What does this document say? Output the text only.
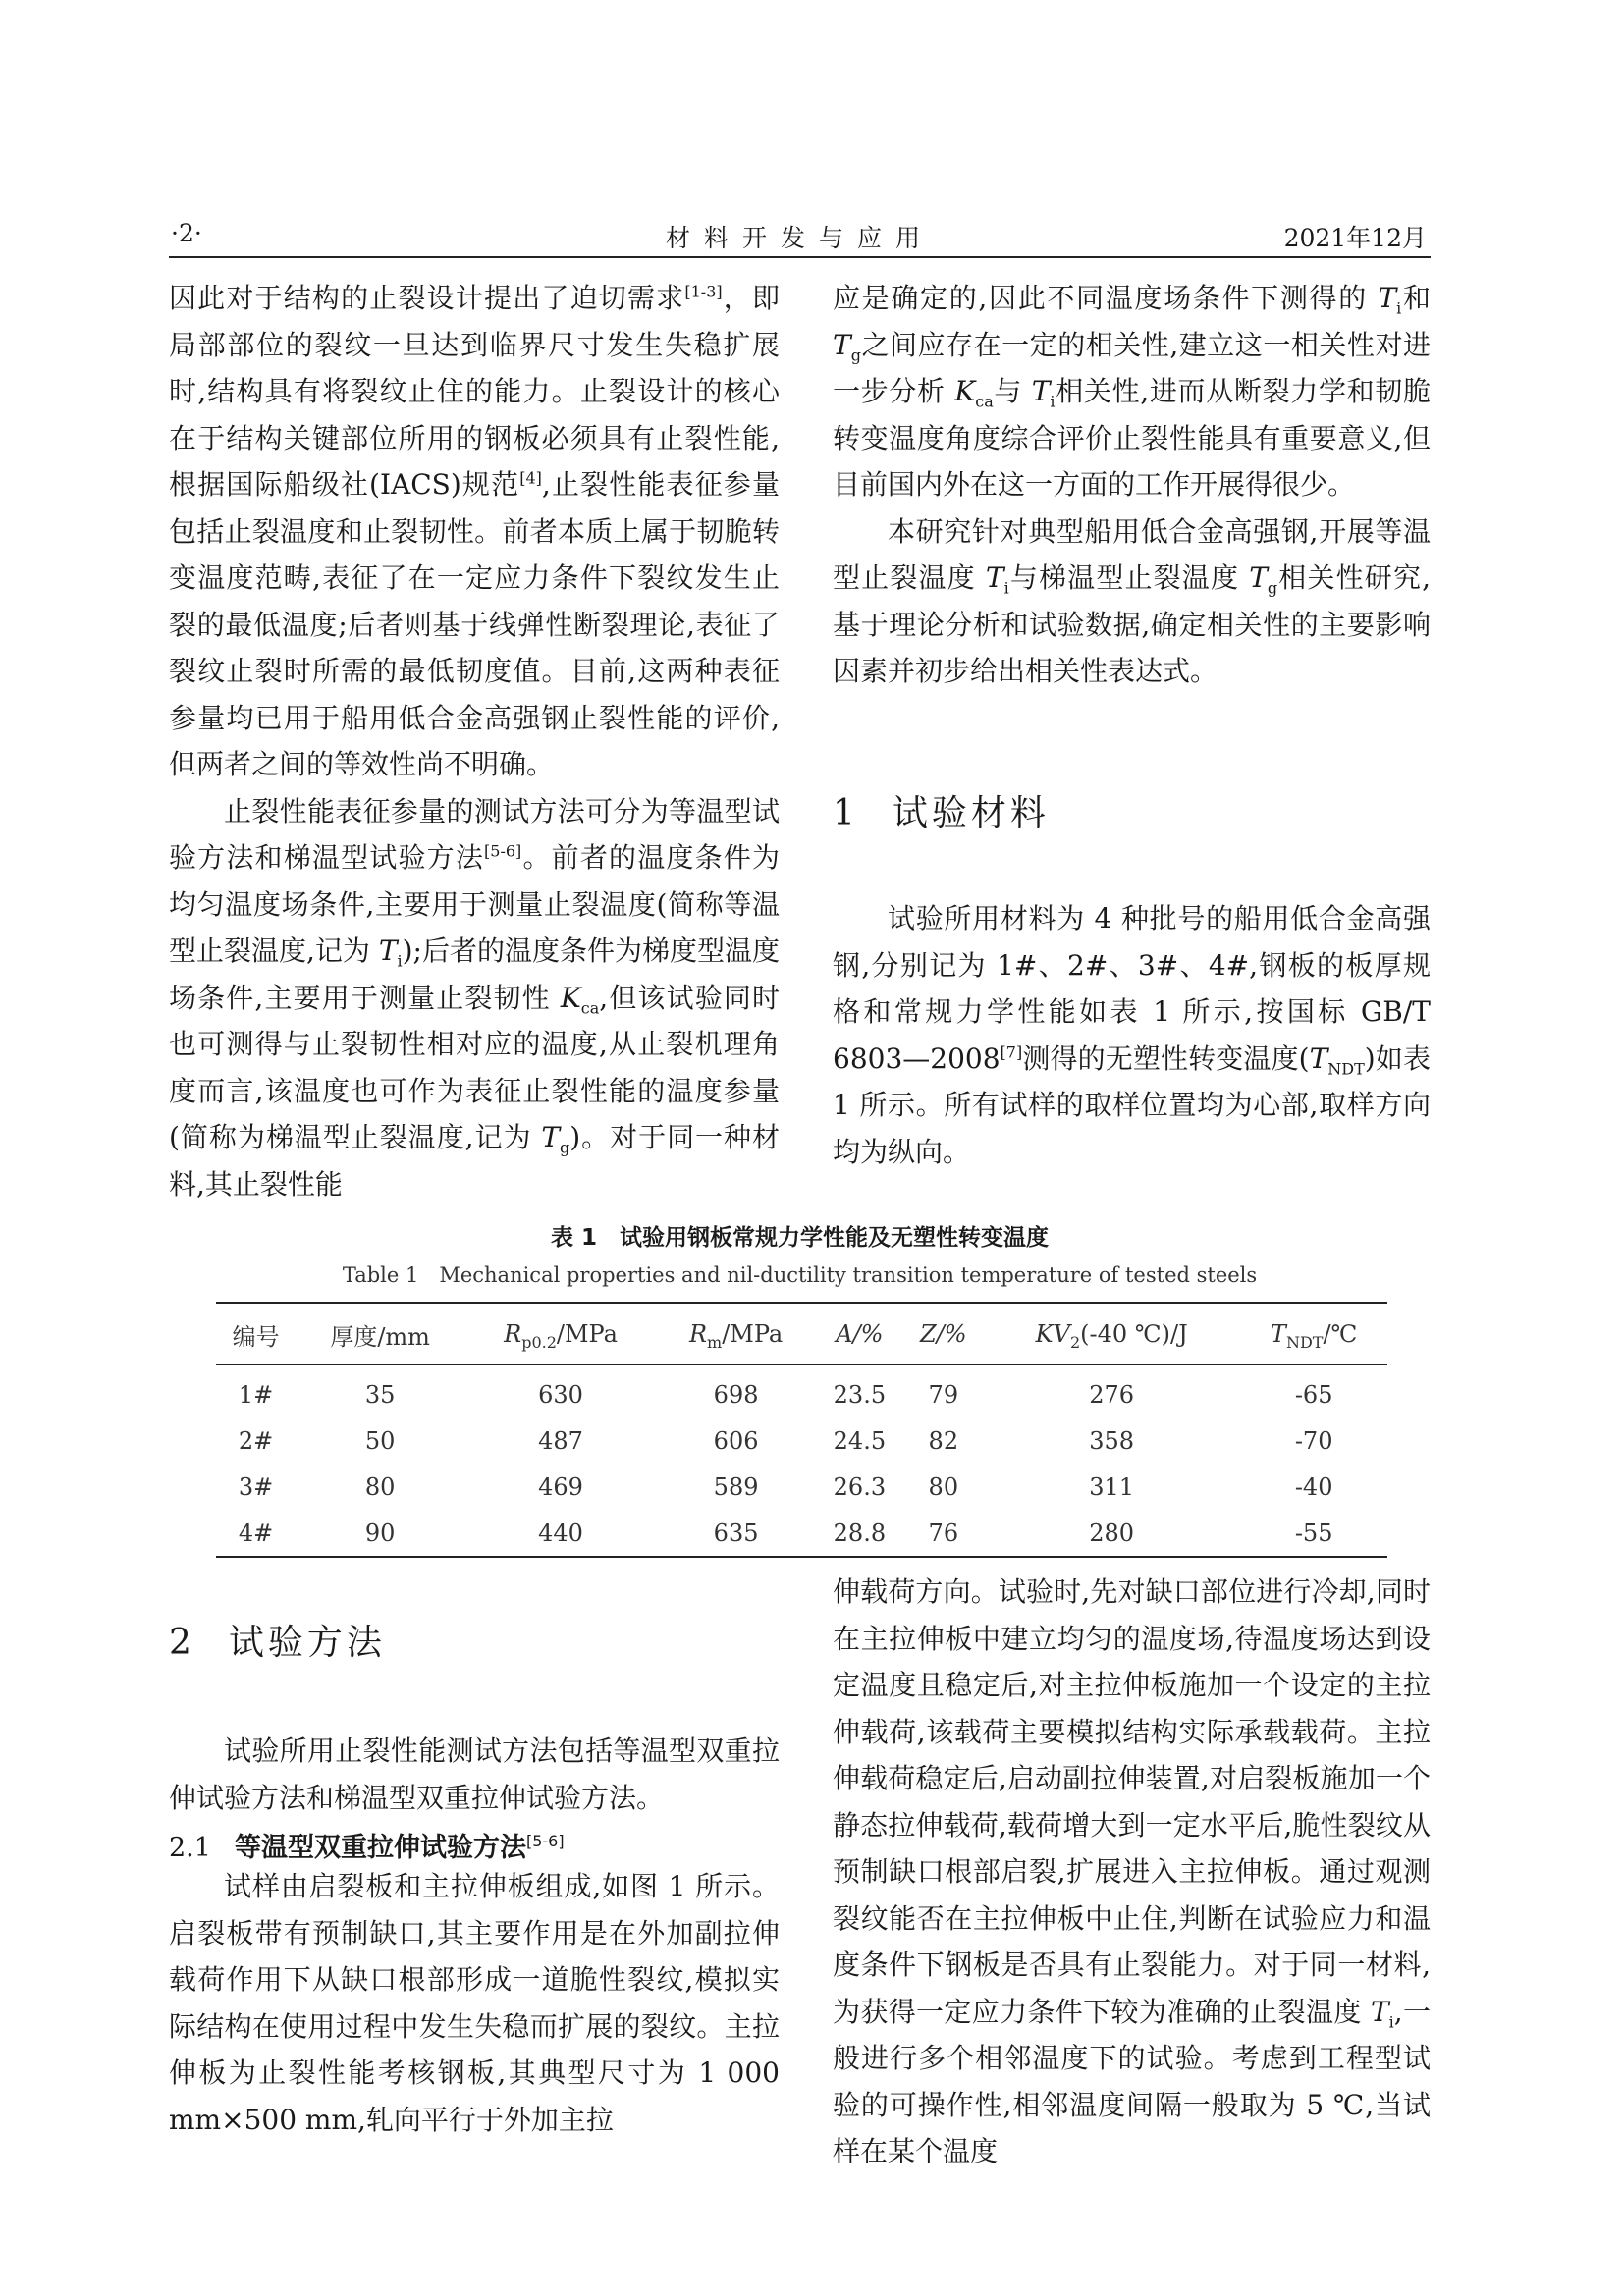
·2·	材料开发与应用	2021年12月

因此对于结构的止裂设计提出了迫切需求[1-3]，即局部部位的裂纹一旦达到临界尺寸发生失稳扩展时,结构具有将裂纹止住的能力。止裂设计的核心在于结构关键部位所用的钢板必须具有止裂性能,根据国际船级社(IACS)规范[4],止裂性能表征参量包括止裂温度和止裂韧性。前者本质上属于韧脆转变温度范畴,表征了在一定应力条件下裂纹发生止裂的最低温度;后者则基于线弹性断裂理论,表征了裂纹止裂时所需的最低韧度值。目前,这两种表征参量均已用于船用低合金高强钢止裂性能的评价,但两者之间的等效性尚不明确。

止裂性能表征参量的测试方法可分为等温型试验方法和梯温型试验方法[5-6]。前者的温度条件为均匀温度场条件,主要用于测量止裂温度(简称等温型止裂温度,记为 $T_i$);后者的温度条件为梯度型温度场条件,主要用于测量止裂韧性 $K_{ca}$,但该试验同时也可测得与止裂韧性相对应的温度,从止裂机理角度而言,该温度也可作为表征止裂性能的温度参量(简称为梯温型止裂温度,记为 $T_g$)。对于同一种材料,其止裂性能

应是确定的,因此不同温度场条件下测得的 $T_i$和 $T_g$之间应存在一定的相关性,建立这一相关性对进一步分析 $K_{ca}$与 $T_i$相关性,进而从断裂力学和韧脆转变温度角度综合评价止裂性能具有重要意义,但目前国内外在这一方面的工作开展得很少。

本研究针对典型船用低合金高强钢,开展等温型止裂温度 $T_i$与梯温型止裂温度 $T_g$相关性研究,基于理论分析和试验数据,确定相关性的主要影响因素并初步给出相关性表达式。

1 试验材料

试验所用材料为 4 种批号的船用低合金高强钢,分别记为 1#、2#、3#、4#,钢板的板厚规格和常规力学性能如表 1 所示,按国标 GB/T 6803—2008[7]测得的无塑性转变温度$(T_{NDT})$如表 1 所示。所有试样的取样位置均为心部,取样方向均为纵向。

表 1　试验用钢板常规力学性能及无塑性转变温度
Table 1　Mechanical properties and nil-ductility transition temperature of tested steels
编号	厚度/mm	$R_{p0.2}$/MPa	$R_m$/MPa	A/%	Z/%	$KV_2(-40$ ℃)/J	$T_{NDT}/℃$
1#	35	630	698	23.5	79	276	-65
2#	50	487	606	24.5	82	358	-70
3#	80	469	589	26.3	80	311	-40
4#	90	440	635	28.8	76	280	-55
2 试验方法

试验所用止裂性能测试方法包括等温型双重拉伸试验方法和梯温型双重拉伸试验方法。

2.1 等温型双重拉伸试验方法[5-6]

试样由启裂板和主拉伸板组成,如图 1 所示。启裂板带有预制缺口,其主要作用是在外加副拉伸载荷作用下从缺口根部形成一道脆性裂纹,模拟实际结构在使用过程中发生失稳而扩展的裂纹。主拉伸板为止裂性能考核钢板,其典型尺寸为 1 000 mm×500 mm,轧向平行于外加主拉

伸载荷方向。试验时,先对缺口部位进行冷却,同时在主拉伸板中建立均匀的温度场,待温度场达到设定温度且稳定后,对主拉伸板施加一个设定的主拉伸载荷,该载荷主要模拟结构实际承载载荷。主拉伸载荷稳定后,启动副拉伸装置,对启裂板施加一个静态拉伸载荷,载荷增大到一定水平后,脆性裂纹从预制缺口根部启裂,扩展进入主拉伸板。通过观测裂纹能否在主拉伸板中止住,判断在试验应力和温度条件下钢板是否具有止裂能力。对于同一材料,为获得一定应力条件下较为准确的止裂温度 $T_i$,一般进行多个相邻温度下的试验。考虑到工程型试验的可操作性,相邻温度间隔一般取为 5 ℃,当试样在某个温度
